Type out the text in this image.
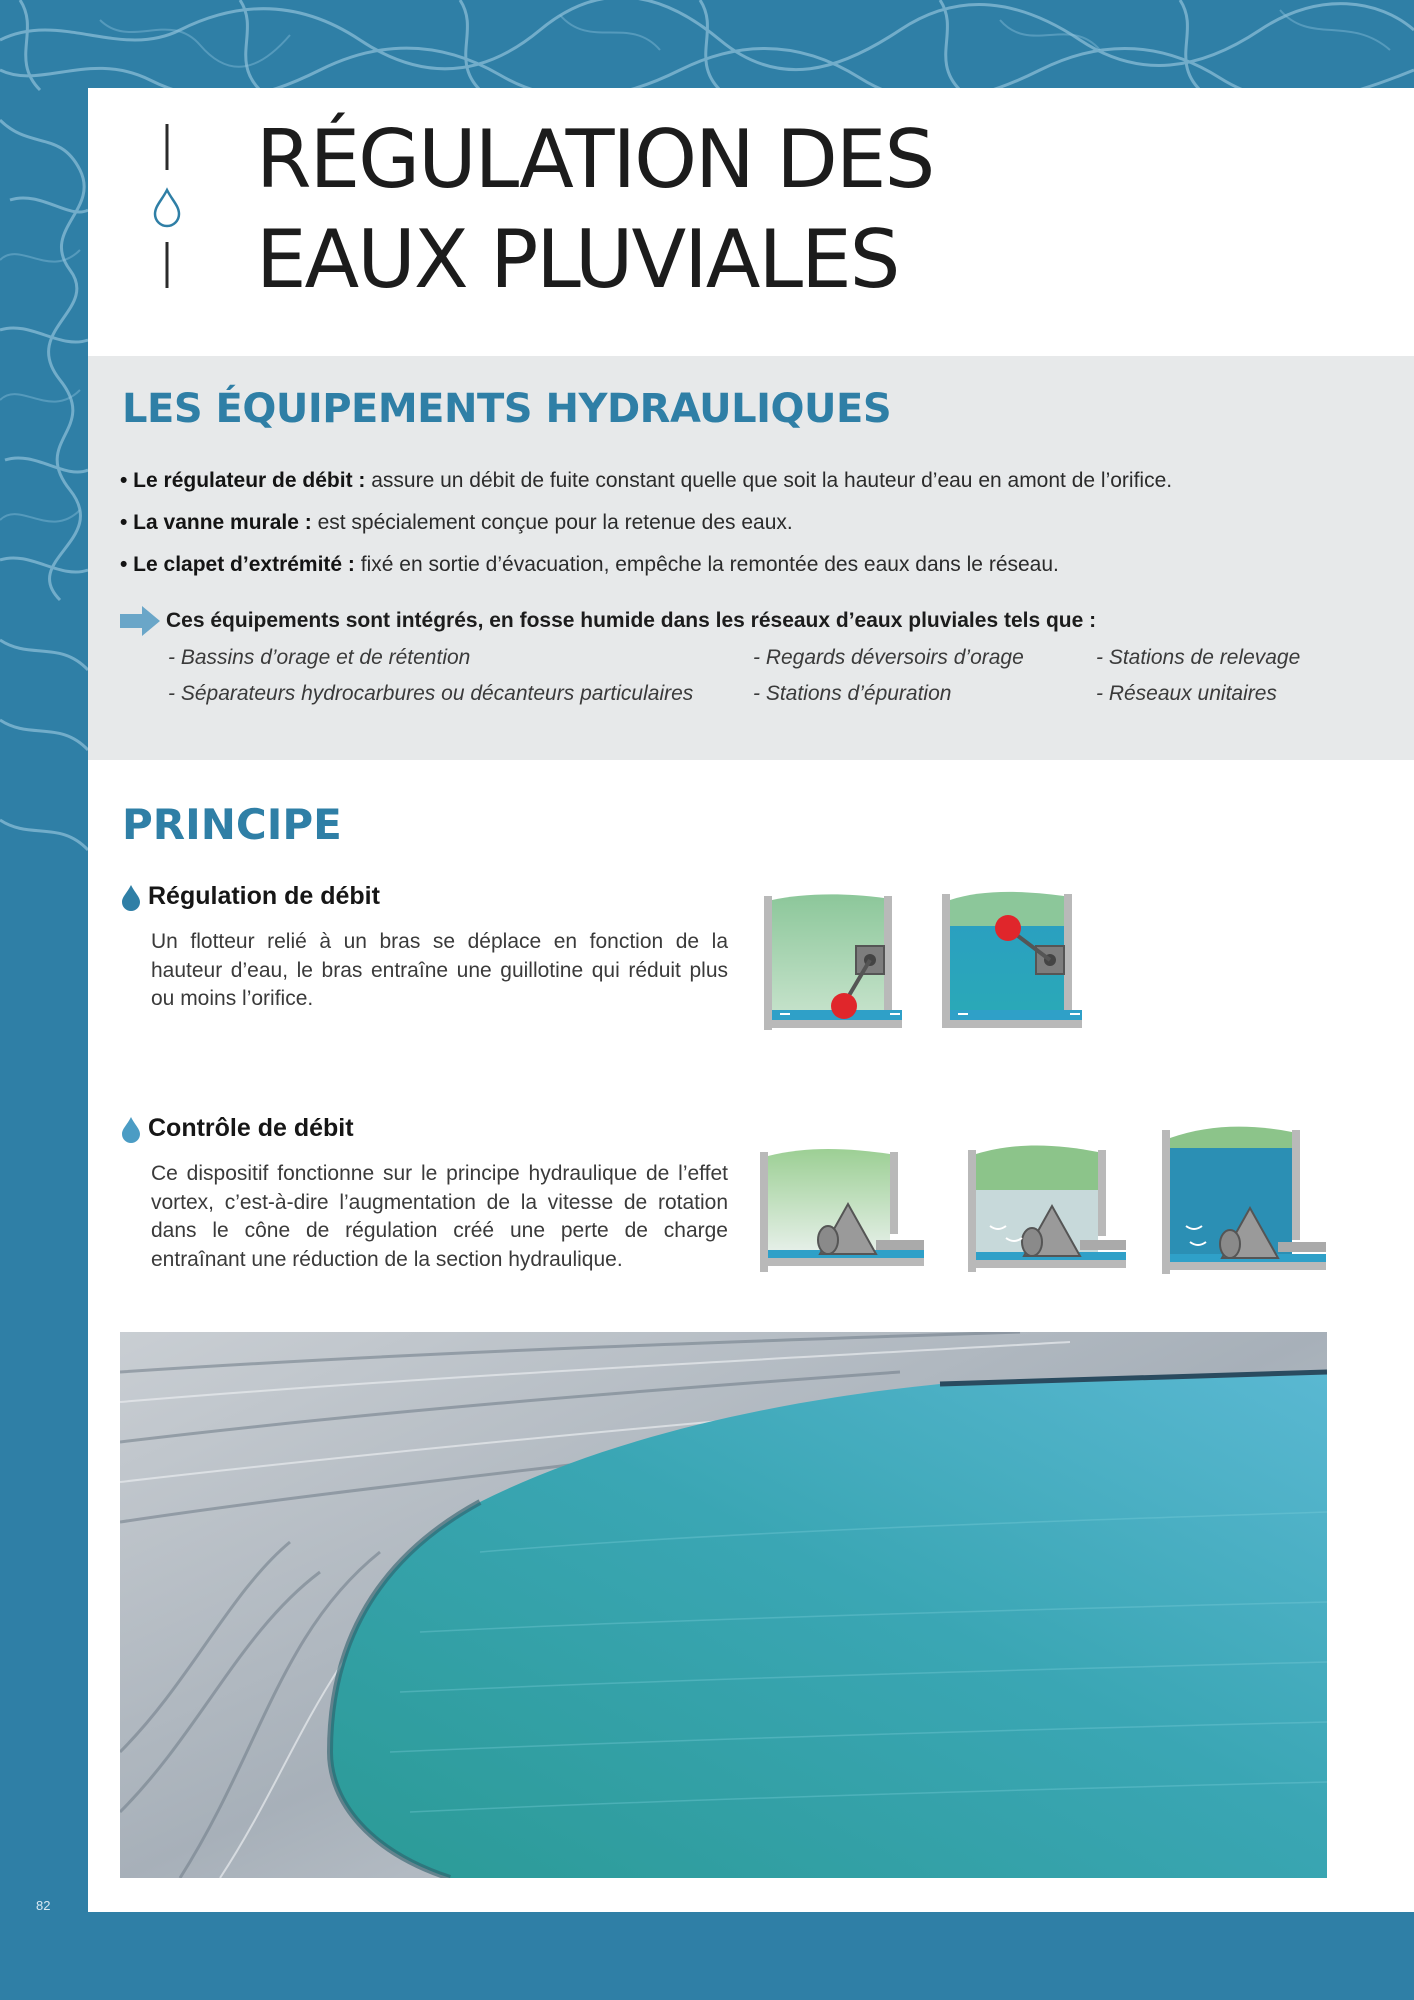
82
RÉGULATION DES
EAUX PLUVIALES
LES ÉQUIPEMENTS HYDRAULIQUES
• Le régulateur de débit : assure un débit de fuite constant quelle que soit la hauteur d’eau en amont de l’orifice.
• La vanne murale : est spécialement conçue pour la retenue des eaux.
• Le clapet d’extrémité : fixé en sortie d’évacuation, empêche la remontée des eaux dans le réseau.
Ces équipements sont intégrés, en fosse humide dans les réseaux d’eaux pluviales tels que :
- Bassins d’orage et de rétention
- Séparateurs hydrocarbures ou décanteurs particulaires
- Regards déversoirs d’orage
- Stations d’épuration
- Stations de relevage
- Réseaux unitaires
PRINCIPE
Régulation de débit

Un flotteur relié à un bras se déplace en fonction de la hauteur d’eau, le bras entraîne une guillotine qui réduit plus ou moins l’orifice.

Contrôle de débit

Ce dispositif fonctionne sur le principe hydraulique de l’effet vortex, c’est-à-dire l’augmentation de la vitesse de rotation dans le cône de régulation créé une perte de charge entraînant une réduction de la section hydraulique.
